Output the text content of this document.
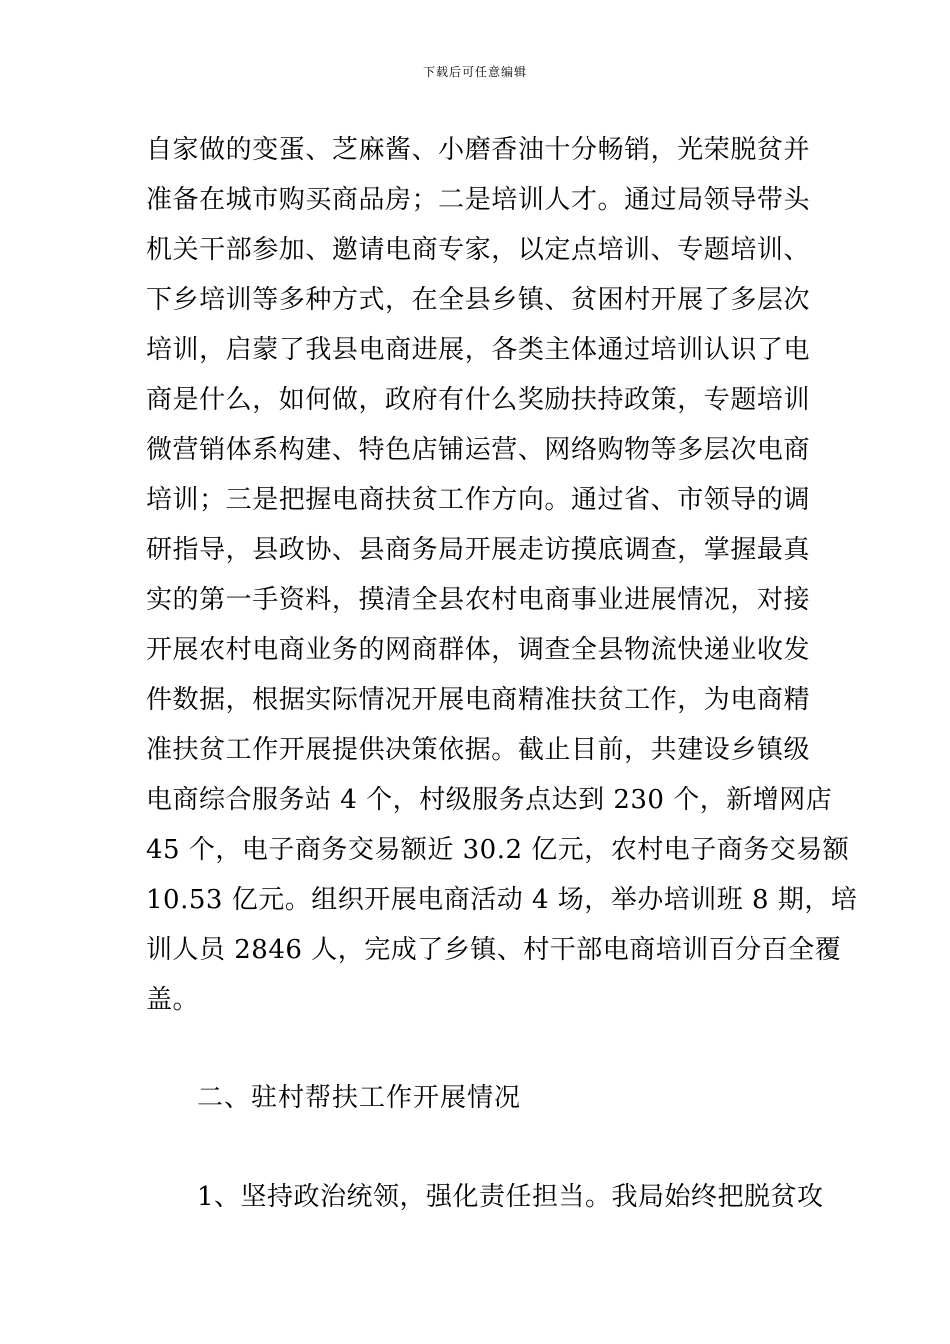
下载后可任意编辑
自家做的变蛋、芝麻酱、小磨香油十分畅销，光荣脱贫并
准备在城市购买商品房；二是培训人才。通过局领导带头
机关干部参加、邀请电商专家，以定点培训、专题培训、
下乡培训等多种方式，在全县乡镇、贫困村开展了多层次
培训，启蒙了我县电商进展，各类主体通过培训认识了电
商是什么，如何做，政府有什么奖励扶持政策，专题培训
微营销体系构建、特色店铺运营、网络购物等多层次电商
培训；三是把握电商扶贫工作方向。通过省、市领导的调
研指导，县政协、县商务局开展走访摸底调查，掌握最真
实的第一手资料，摸清全县农村电商事业进展情况，对接
开展农村电商业务的网商群体，调查全县物流快递业收发
件数据，根据实际情况开展电商精准扶贫工作，为电商精
准扶贫工作开展提供决策依据。截止目前，共建设乡镇级
电商综合服务站 4 个，村级服务点达到 230 个，新增网店
45 个，电子商务交易额近 30.2 亿元，农村电子商务交易额
10.53 亿元。组织开展电商活动 4 场，举办培训班 8 期，培
训人员 2846 人，完成了乡镇、村干部电商培训百分百全覆
盖。
二、驻村帮扶工作开展情况

1、坚持政治统领，强化责任担当。我局始终把脱贫攻
